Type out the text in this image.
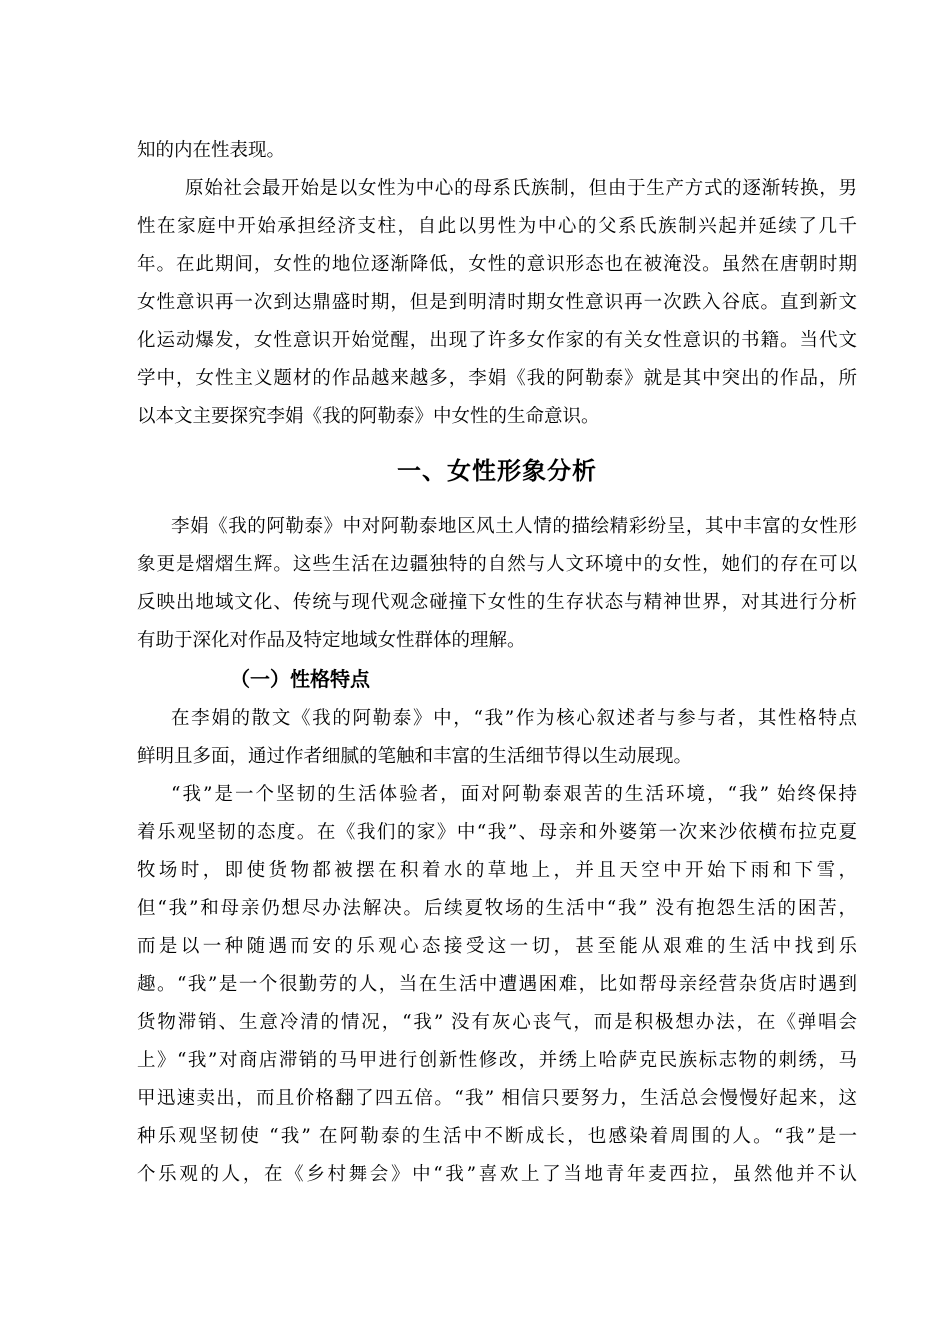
知的内在性表现。
原始社会最开始是以女性为中心的母系氏族制，但由于生产方式的逐渐转换，男
性在家庭中开始承担经济支柱，自此以男性为中心的父系氏族制兴起并延续了几千
年。在此期间，女性的地位逐渐降低，女性的意识形态也在被淹没。虽然在唐朝时期
女性意识再一次到达鼎盛时期，但是到明清时期女性意识再一次跌入谷底。直到新文
化运动爆发，女性意识开始觉醒，出现了许多女作家的有关女性意识的书籍。当代文
学中，女性主义题材的作品越来越多，李娟《我的阿勒泰》就是其中突出的作品，所
以本文主要探究李娟《我的阿勒泰》中女性的生命意识。
一、女性形象分析
李娟《我的阿勒泰》中对阿勒泰地区风土人情的描绘精彩纷呈，其中丰富的女性形
象更是熠熠生辉。这些生活在边疆独特的自然与人文环境中的女性，她们的存在可以
反映出地域文化、传统与现代观念碰撞下女性的生存状态与精神世界，对其进行分析
有助于深化对作品及特定地域女性群体的理解。
（一）性格特点
在李娟的散文《我的阿勒泰》中，“我”作为核心叙述者与参与者，其性格特点
鲜明且多面，通过作者细腻的笔触和丰富的生活细节得以生动展现。
“我”是一个坚韧的生活体验者，面对阿勒泰艰苦的生活环境，“我” 始终保持
着乐观坚韧的态度。在《我们的家》中“我”、母亲和外婆第一次来沙依横布拉克夏
牧场时，即使货物都被摆在积着水的草地上，并且天空中开始下雨和下雪，
但“我”和母亲仍想尽办法解决。后续夏牧场的生活中“我” 没有抱怨生活的困苦，
而是以一种随遇而安的乐观心态接受这一切，甚至能从艰难的生活中找到乐
趣。“我”是一个很勤劳的人，当在生活中遭遇困难，比如帮母亲经营杂货店时遇到
货物滞销、生意冷清的情况，“我” 没有灰心丧气，而是积极想办法，在《弹唱会
上》“我”对商店滞销的马甲进行创新性修改，并绣上哈萨克民族标志物的刺绣，马
甲迅速卖出，而且价格翻了四五倍。“我” 相信只要努力，生活总会慢慢好起来，这
种乐观坚韧使 “我” 在阿勒泰的生活中不断成长，也感染着周围的人。“我”是一
个乐观的人，在《乡村舞会》中“我”喜欢上了当地青年麦西拉，虽然他并不认
